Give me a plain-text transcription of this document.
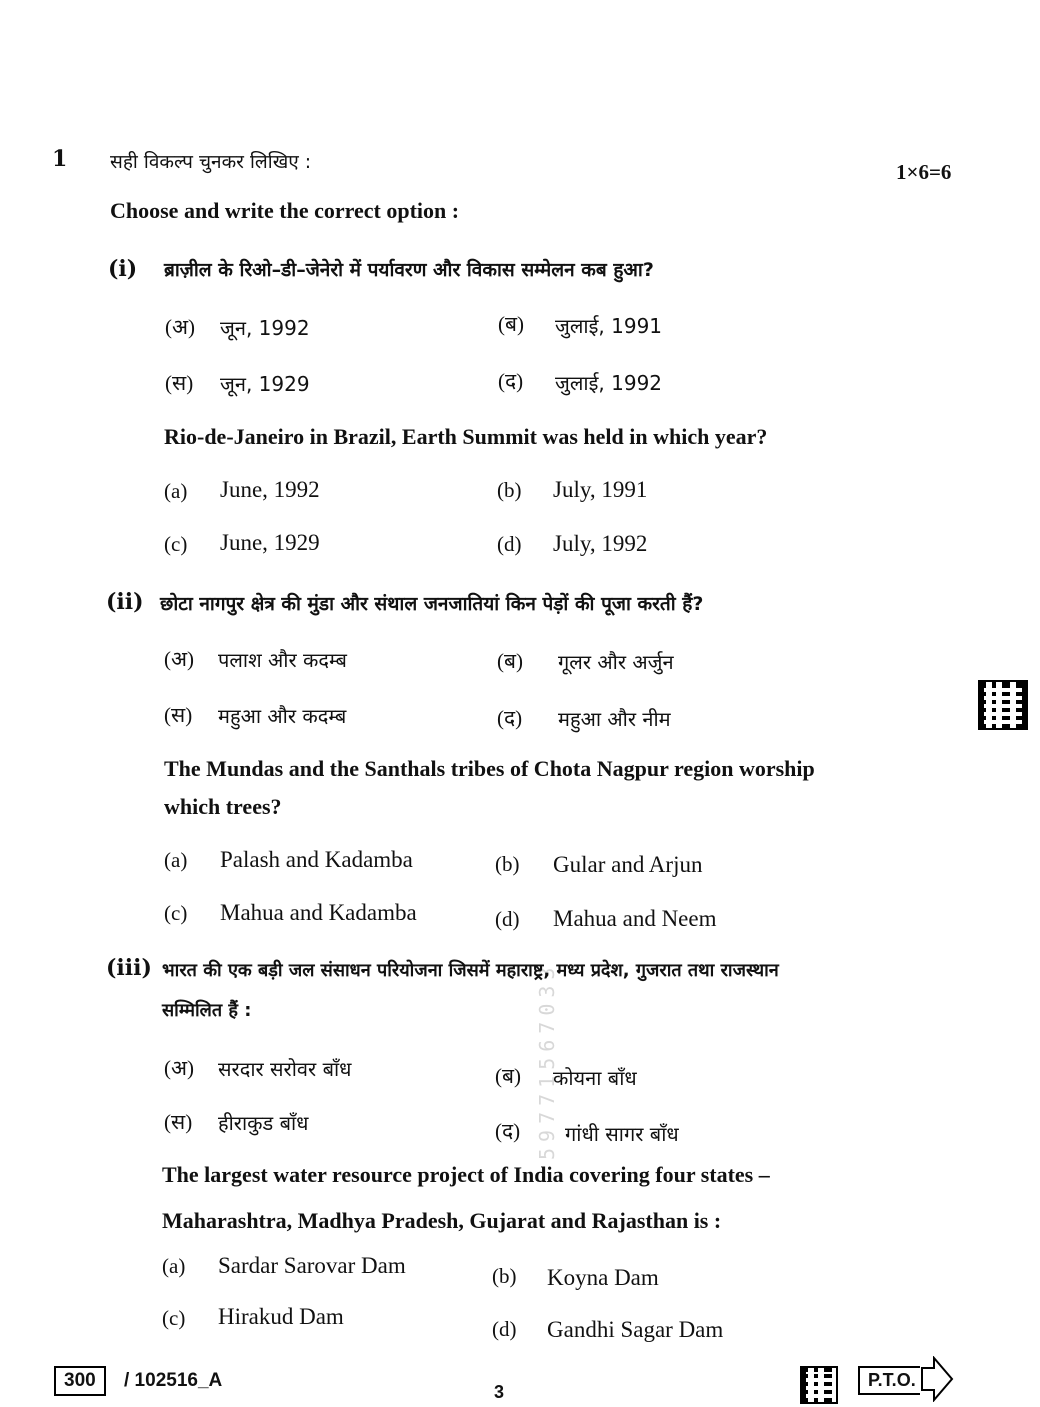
59771567033
1 सही विकल्प चुनकर लिखिए :	1×6=6
Choose and write the correct option :
(i) ब्राज़ील के रिओ–डी–जेनेरो में पर्यावरण और विकास सम्मेलन कब हुआ?
(अ) जून, 1992	(ब) जुलाई, 1991
(स) जून, 1929	(द) जुलाई, 1992
Rio-de-Janeiro in Brazil, Earth Summit was held in which year?
(a) June, 1992	(b) July, 1991
(c) June, 1929	(d) July, 1992
(ii) छोटा नागपुर क्षेत्र की मुंडा और संथाल जनजातियां किन पेड़ों की पूजा करती हैं?
(अ) पलाश और कदम्ब	(ब) गूलर और अर्जुन
(स) महुआ और कदम्ब	(द) महुआ और नीम
The Mundas and the Santhals tribes of Chota Nagpur region worship
which trees?
(a) Palash and Kadamba	(b) Gular and Arjun
(c) Mahua and Kadamba	(d) Mahua and Neem
(iii) भारत की एक बड़ी जल संसाधन परियोजना जिसमें महाराष्ट्र, मध्य प्रदेश, गुजरात तथा राजस्थान
सम्मिलित हैं :
(अ) सरदार सरोवर बाँध	(ब) कोयना बाँध
(स) हीराकुड बाँध	(द) गांधी सागर बाँध
The largest water resource project of India covering four states –
Maharashtra, Madhya Pradesh, Gujarat and Rajasthan is :
(a) Sardar Sarovar Dam	(b) Koyna Dam
(c) Hirakud Dam	(d) Gandhi Sagar Dam
300	/ 102516_A
3
P.T.O.
